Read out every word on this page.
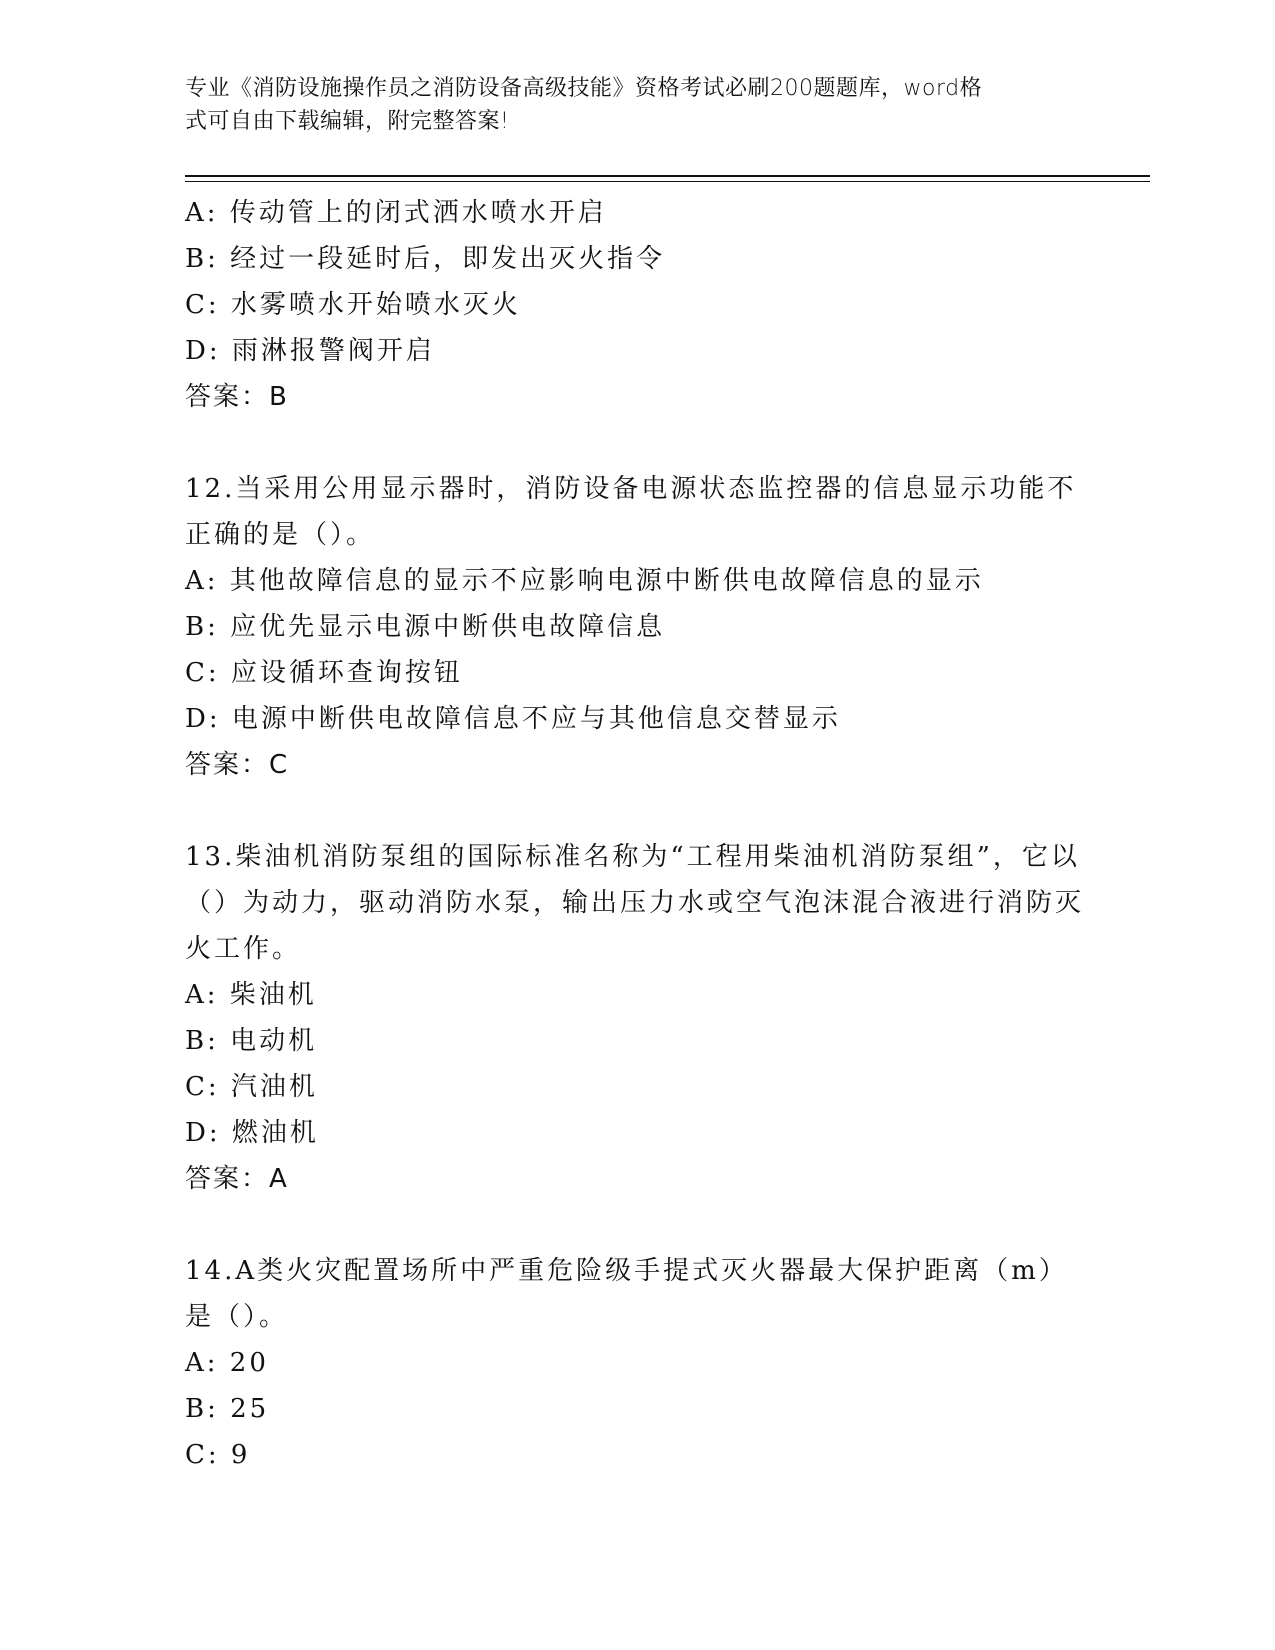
专业《消防设施操作员之消防设备高级技能》资格考试必刷200题题库，word格
式可自由下载编辑，附完整答案!
A: 传动管上的闭式洒水喷水开启
B: 经过一段延时后，即发出灭火指令
C: 水雾喷水开始喷水灭火
D: 雨淋报警阀开启
答案：B
12.当采用公用显示器时，消防设备电源状态监控器的信息显示功能不正确的是（）。
A: 其他故障信息的显示不应影响电源中断供电故障信息的显示
B: 应优先显示电源中断供电故障信息
C: 应设循环查询按钮
D: 电源中断供电故障信息不应与其他信息交替显示
答案：C
13.柴油机消防泵组的国际标准名称为“工程用柴油机消防泵组”，它以（）为动力，驱动消防水泵，输出压力水或空气泡沫混合液进行消防灭火工作。
A: 柴油机
B: 电动机
C: 汽油机
D: 燃油机
答案：A
14.A类火灾配置场所中严重危险级手提式灭火器最大保护距离（m）是（）。
A: 20
B: 25
C: 9
